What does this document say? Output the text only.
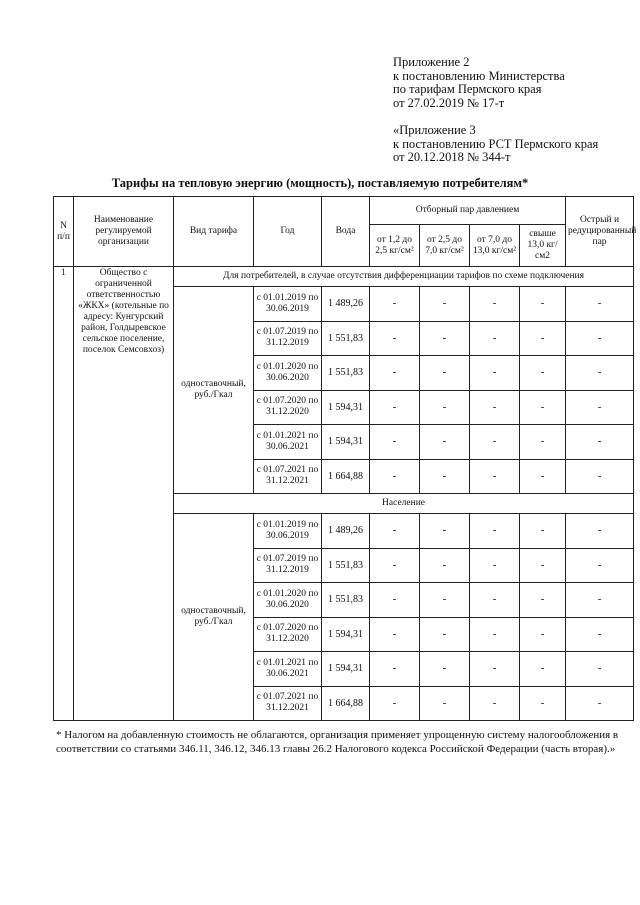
Приложение 2
к постановлению Министерства
по тарифам Пермского края
от 27.02.2019 № 17-т
«Приложение 3
к постановлению РСТ Пермского края
от 20.12.2018 № 344-т
Тарифы на тепловую энергию (мощность), поставляемую потребителям*
N п/п	Наименование регулируемой организации	Вид тарифа	Год	Вода	Отборный пар давлением				Острый и редуцированный пар
					от 1,2 до 2,5 кг/см²	от 2,5 до 7,0 кг/см²	от 7,0 до 13,0 кг/см²	свыше 13,0 кг/см2	
1	Общество с ограниченной ответственностью «ЖКХ» (котельные по адресу: Кунгурский район, Голдыревское сельское поселение, поселок Семсовхоз)	Для потребителей, в случае отсутствия дифференциации тарифов по схеме подключения							
		одноставочный, руб./Гкал	с 01.01.2019 по 30.06.2019	1 489,26	-	-	-	-	-
			с 01.07.2019 по 31.12.2019	1 551,83	-	-	-	-	-
			с 01.01.2020 по 30.06.2020	1 551,83	-	-	-	-	-
			с 01.07.2020 по 31.12.2020	1 594,31	-	-	-	-	-
			с 01.01.2021 по 30.06.2021	1 594,31	-	-	-	-	-
			с 01.07.2021 по 31.12.2021	1 664,88	-	-	-	-	-
		Население							
		одноставочный, руб./Гкал	с 01.01.2019 по 30.06.2019	1 489,26	-	-	-	-	-
			с 01.07.2019 по 31.12.2019	1 551,83	-	-	-	-	-
			с 01.01.2020 по 30.06.2020	1 551,83	-	-	-	-	-
			с 01.07.2020 по 31.12.2020	1 594,31	-	-	-	-	-
			с 01.01.2021 по 30.06.2021	1 594,31	-	-	-	-	-
			с 01.07.2021 по 31.12.2021	1 664,88	-	-	-	-	-
* Налогом на добавленную стоимость не облагаются, организация применяет упрощенную систему налогообложения в соответствии со статьями 346.11, 346.12, 346.13 главы 26.2 Налогового кодекса Российской Федерации (часть вторая).»
